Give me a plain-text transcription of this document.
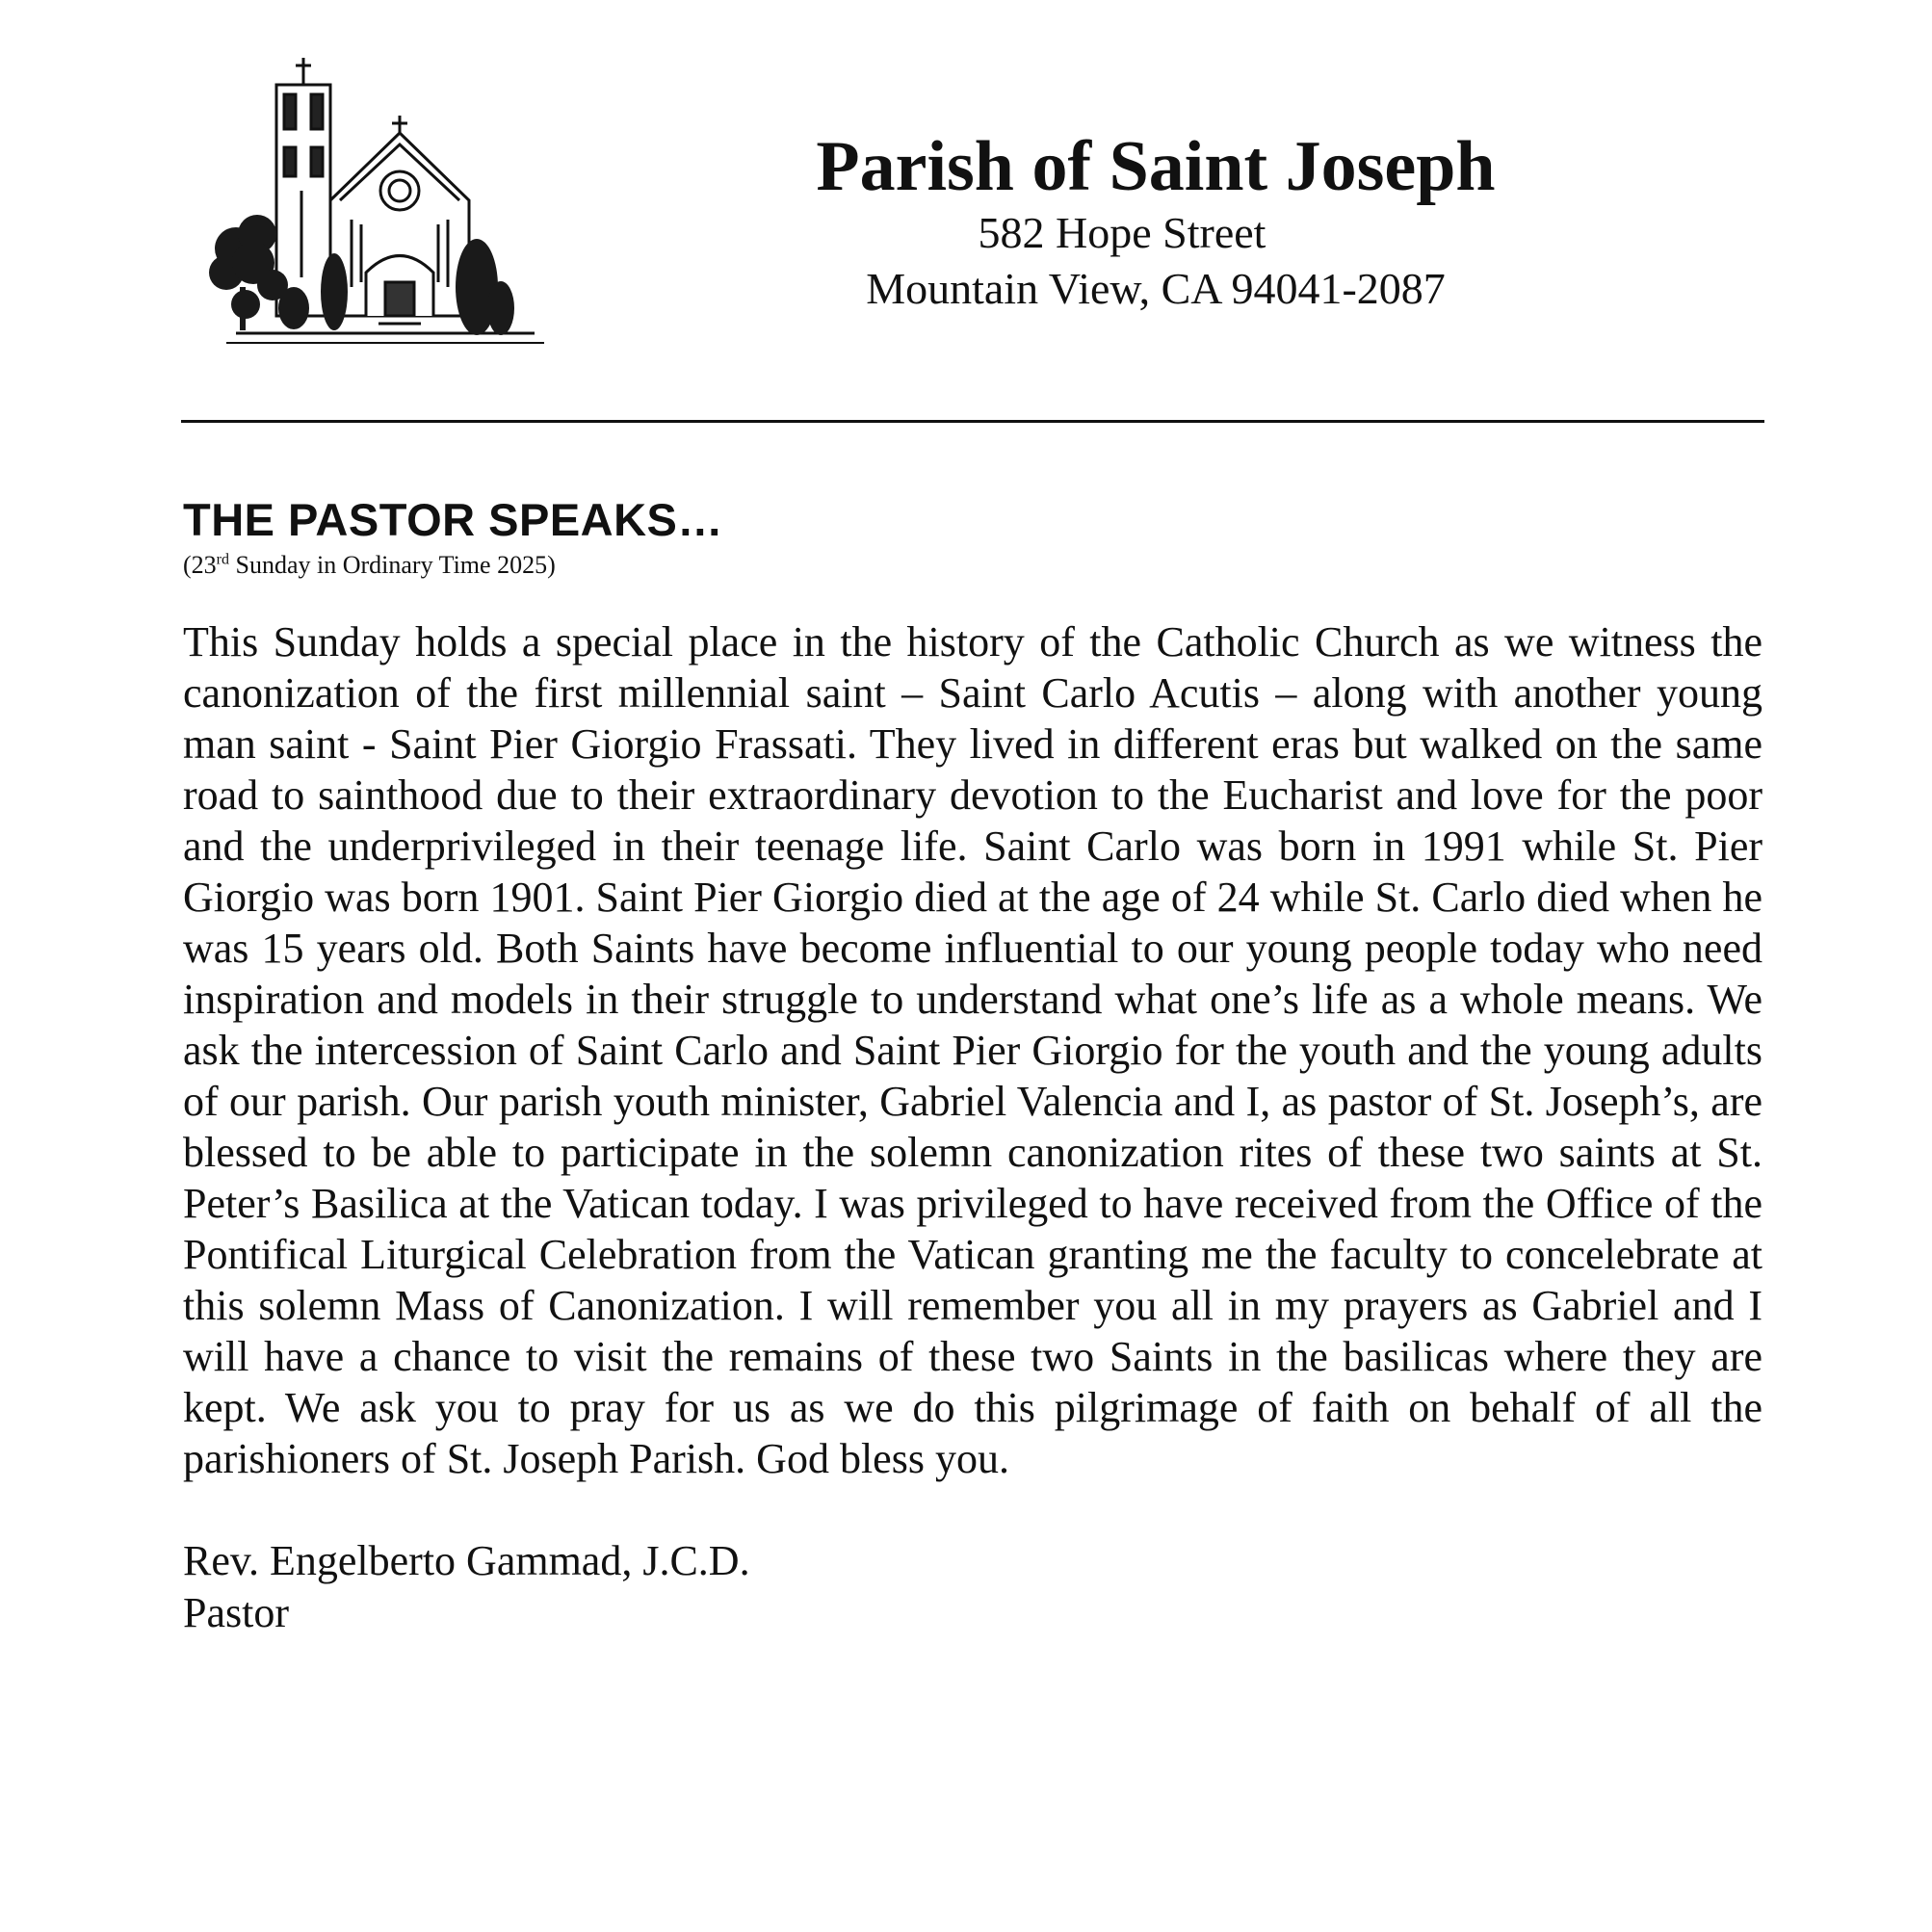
Parish of Saint Joseph
582 Hope Street
Mountain View, CA 94041-2087
THE PASTOR SPEAKS…
(23rd Sunday in Ordinary Time 2025)
This Sunday holds a special place in the history of the Catholic Church as we witness the canonization of the first millennial saint – Saint Carlo Acutis – along with another young man saint - Saint Pier Giorgio Frassati. They lived in different eras but walked on the same road to sainthood due to their extraordinary devotion to the Eucharist and love for the poor and the underprivileged in their teenage life. Saint Carlo was born in 1991 while St. Pier Giorgio was born 1901. Saint Pier Giorgio died at the age of 24 while St. Carlo died when he was 15 years old. Both Saints have become influential to our young people today who need inspiration and models in their struggle to understand what one’s life as a whole means. We ask the intercession of Saint Carlo and Saint Pier Giorgio for the youth and the young adults of our parish. Our parish youth minister, Gabriel Valencia and I, as pastor of St. Joseph’s, are blessed to be able to participate in the solemn canonization rites of these two saints at St. Peter’s Basilica at the Vatican today. I was privileged to have received from the Office of the Pontifical Liturgical Celebration from the Vatican granting me the faculty to concelebrate at this solemn Mass of Canonization. I will remember you all in my prayers as Gabriel and I will have a chance to visit the remains of these two Saints in the basilicas where they are kept. We ask you to pray for us as we do this pilgrimage of faith on behalf of all the parishioners of St. Joseph Parish. God bless you.
Rev. Engelberto Gammad, J.C.D.
Pastor
